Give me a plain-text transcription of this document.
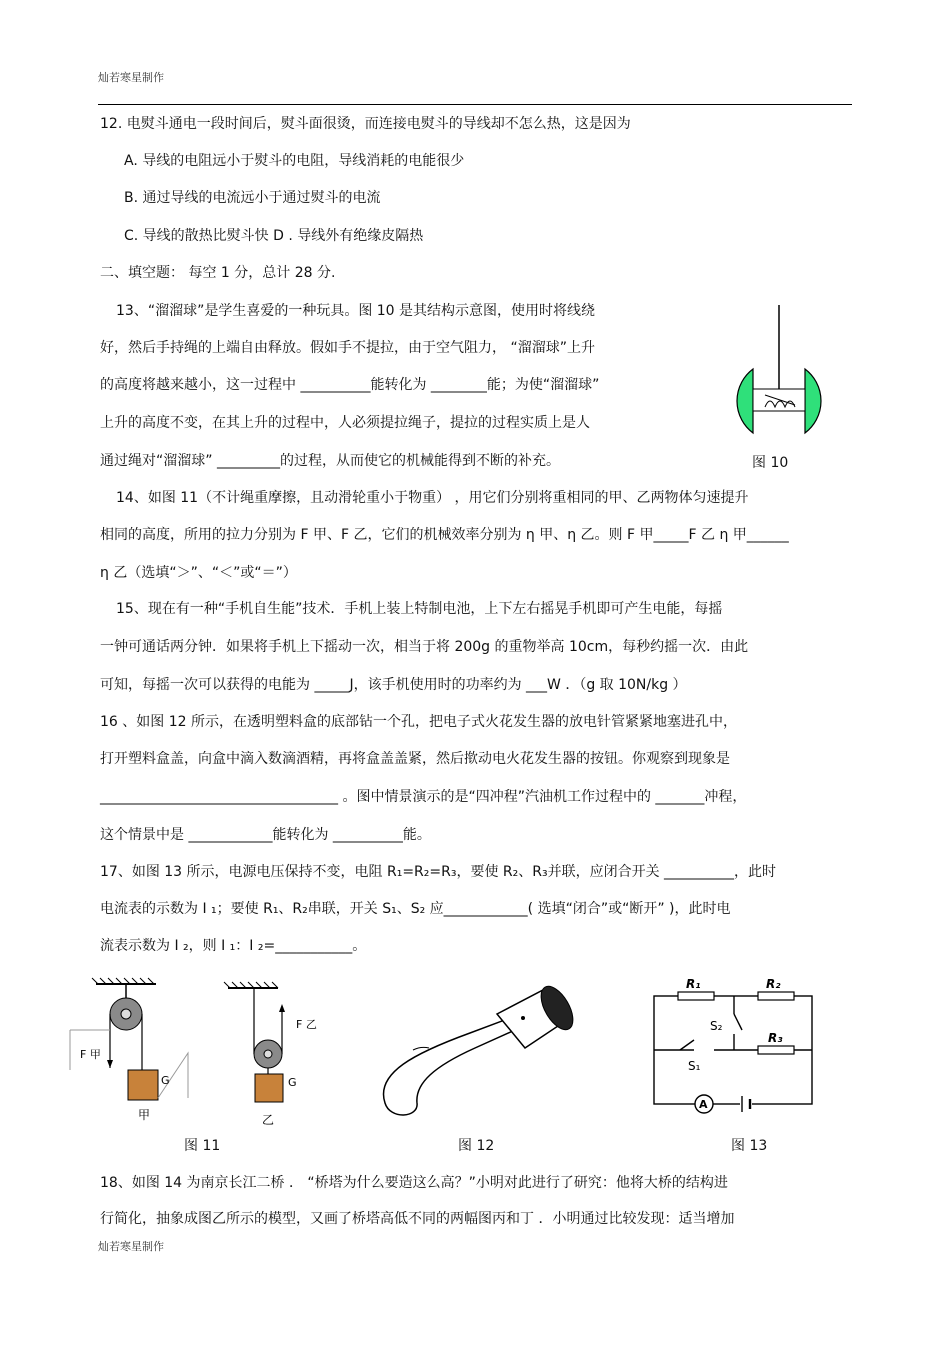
灿若寒星制作
12. 电熨斗通电一段时间后，熨斗面很烫，而连接电熨斗的导线却不怎么热，这是因为
A. 导线的电阻远小于熨斗的电阻，导线消耗的电能很少
B. 通过导线的电流远小于通过熨斗的电流
C. 导线的散热比熨斗快 D . 导线外有绝缘皮隔热
二、填空题： 每空 1 分，总计 28 分.
13、“溜溜球”是学生喜爱的一种玩具。图 10 是其结构示意图，使用时将线绕
好，然后手持绳的上端自由释放。假如手不提拉，由于空气阻力， “溜溜球”上升
的高度将越来越小，这一过程中 __________能转化为 ________能；为使“溜溜球”
上升的高度不变，在其上升的过程中，人必须提拉绳子，提拉的过程实质上是人
通过绳对“溜溜球” _________的过程，从而使它的机械能得到不断的补充。
14、如图 11（不计绳重摩擦，且动滑轮重小于物重） ，用它们分别将重相同的甲、乙两物体匀速提升
相同的高度，所用的拉力分别为 F 甲、F 乙，它们的机械效率分别为 η 甲、η 乙。则 F 甲_____F 乙 η 甲______
η 乙（选填“＞”、“＜”或“＝”）
15、现在有一种“手机自生能”技术．手机上装上特制电池，上下左右摇晃手机即可产生电能，每摇
一钟可通话两分钟．如果将手机上下摇动一次，相当于将 200g 的重物举高 10cm，每秒约摇一次．由此
可知，每摇一次可以获得的电能为 _____J，该手机使用时的功率约为 ___W ．（g 取 10N/kg ）
16 、如图 12 所示，在透明塑料盒的底部钻一个孔，把电子式火花发生器的放电针管紧紧地塞进孔中，
打开塑料盒盖，向盒中滴入数滴酒精，再将盒盖盖紧，然后揿动电火花发生器的按钮。你观察到现象是
__________________________________ 。图中情景演示的是“四冲程”汽油机工作过程中的 _______冲程，
这个情景中是 ____________能转化为 __________能。
17、如图 13 所示，电源电压保持不变，电阻 R₁=R₂=R₃，要使 R₂、R₃并联，应闭合开关 __________，此时
电流表的示数为 I ₁；要使 R₁、R₂串联，开关 S₁、S₂ 应____________( 选填“闭合”或“断开” )，此时电
流表示数为 I ₂，则 I ₁：I ₂=___________。
18、如图 14 为南京长江二桥 ． “桥塔为什么要造这么高？”小明对此进行了研究：他将大桥的结构进
行简化，抽象成图乙所示的模型，又画了桥塔高低不同的两幅图丙和丁 ．小明通过比较发现：适当增加
图 10
F 甲
G
甲
F 乙
G
乙
图 11	图 12
A
R₁	R₂
R₃
S₂
S₁
图 13
灿若寒星制作
